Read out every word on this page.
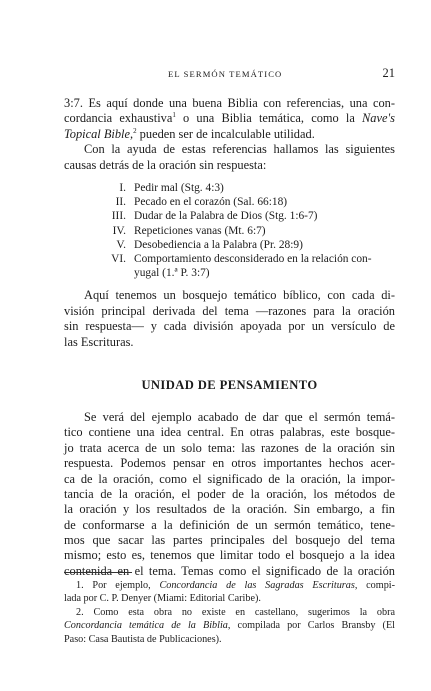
EL SERMÓN TEMÁTICO	21
3:7. Es aquí donde una buena Biblia con referencias, una con-
cordancia exhaustiva$^1$ o una Biblia temática, como la Nave's
Topical Bible,$^2$ pueden ser de incalculable utilidad.
Con la ayuda de estas referencias hallamos las siguientes
causas detrás de la oración sin respuesta:
I. Pedir mal (Stg. 4:3)
II. Pecado en el corazón (Sal. 66:18)
III. Dudar de la Palabra de Dios (Stg. 1:6-7)
IV. Repeticiones vanas (Mt. 6:7)
V. Desobediencia a la Palabra (Pr. 28:9)
VI. Comportamiento desconsiderado en la relación con-
yugal (1.ª P. 3:7)
Aquí tenemos un bosquejo temático bíblico, con cada di-
visión principal derivada del tema —razones para la oración
sin respuesta— y cada división apoyada por un versículo de
las Escrituras.
UNIDAD DE PENSAMIENTO
Se verá del ejemplo acabado de dar que el sermón temá-
tico contiene una idea central. En otras palabras, este bosque-
jo trata acerca de un solo tema: las razones de la oración sin
respuesta. Podemos pensar en otros importantes hechos acer-
ca de la oración, como el significado de la oración, la impor-
tancia de la oración, el poder de la oración, los métodos de
la oración y los resultados de la oración. Sin embargo, a fin
de conformarse a la definición de un sermón temático, tene-
mos que sacar las partes principales del bosquejo del tema
mismo; esto es, tenemos que limitar todo el bosquejo a la idea
contenida en el tema. Temas como el significado de la oración
1. Por ejemplo, Concordancia de las Sagradas Escrituras, compi-
lada por C. P. Denyer (Miami: Editorial Caribe).
2. Como esta obra no existe en castellano, sugerimos la obra
Concordancia temática de la Biblia, compilada por Carlos Bransby (El
Paso: Casa Bautista de Publicaciones).
